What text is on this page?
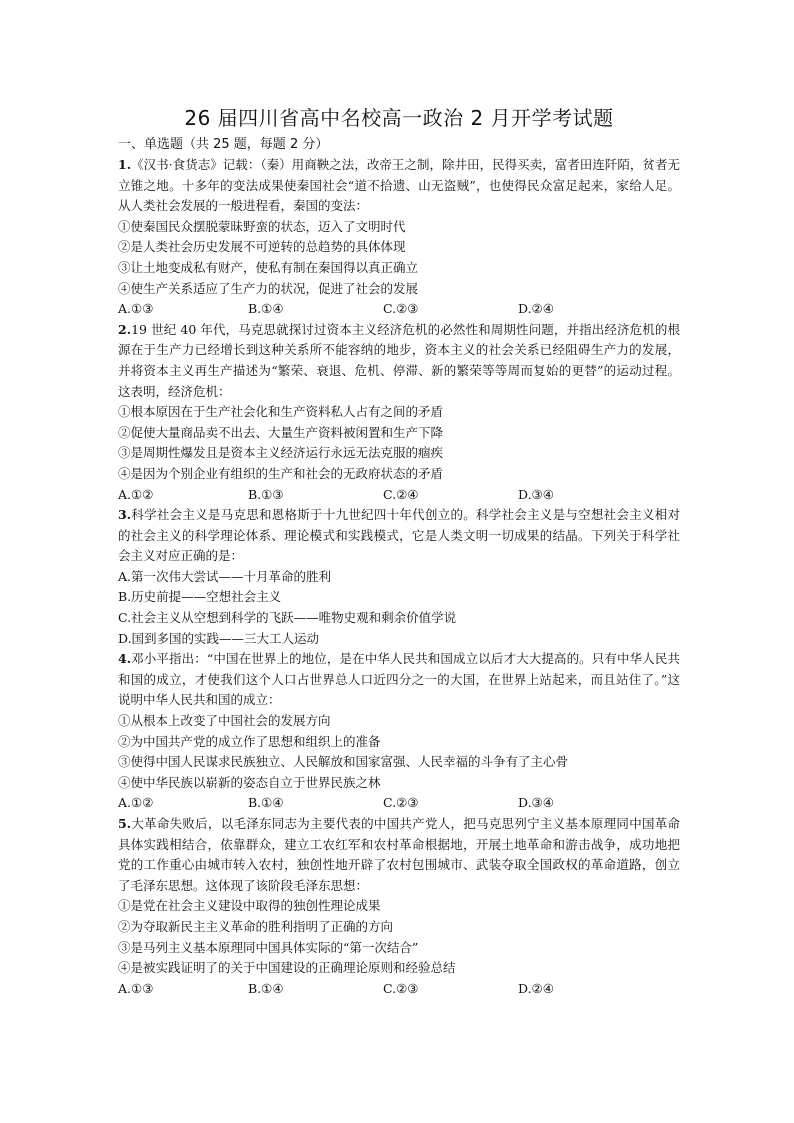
26 届四川省高中名校高一政治 2 月开学考试题
一、单选题（共 25 题，每题 2 分）
1.《汉书·食货志》记载：（秦）用商鞅之法，改帝王之制，除井田，民得买卖，富者田连阡陌，贫者无立锥之地。十多年的变法成果使秦国社会“道不拾遗、山无盗贼”，也使得民众富足起来，家给人足。从人类社会发展的一般进程看，秦国的变法：
①使秦国民众摆脱蒙昧野蛮的状态，迈入了文明时代
②是人类社会历史发展不可逆转的总趋势的具体体现
③让土地变成私有财产，使私有制在秦国得以真正确立
④使生产关系适应了生产力的状况，促进了社会的发展
A.①③	B.①④	C.②③	D.②④
2.19 世纪 40 年代，马克思就探讨过资本主义经济危机的必然性和周期性问题，并指出经济危机的根源在于生产力已经增长到这种关系所不能容纳的地步，资本主义的社会关系已经阻碍生产力的发展，并将资本主义再生产描述为“繁荣、衰退、危机、停滞、新的繁荣等等周而复始的更替”的运动过程。这表明，经济危机：
①根本原因在于生产社会化和生产资料私人占有之间的矛盾
②促使大量商品卖不出去、大量生产资料被闲置和生产下降
③是周期性爆发且是资本主义经济运行永远无法克服的痼疾
④是因为个别企业有组织的生产和社会的无政府状态的矛盾
A.①②	B.①③	C.②④	D.③④
3.科学社会主义是马克思和恩格斯于十九世纪四十年代创立的。科学社会主义是与空想社会主义相对的社会主义的科学理论体系、理论模式和实践模式，它是人类文明一切成果的结晶。下列关于科学社会主义对应正确的是：
A.第一次伟大尝试——十月革命的胜利
B.历史前提——空想社会主义
C.社会主义从空想到科学的飞跃——唯物史观和剩余价值学说
D.国到多国的实践——三大工人运动
4.邓小平指出：“中国在世界上的地位，是在中华人民共和国成立以后才大大提高的。只有中华人民共和国的成立，才使我们这个人口占世界总人口近四分之一的大国，在世界上站起来，而且站住了。”这说明中华人民共和国的成立：
①从根本上改变了中国社会的发展方向
②为中国共产党的成立作了思想和组织上的准备
③使得中国人民谋求民族独立、人民解放和国家富强、人民幸福的斗争有了主心骨
④使中华民族以崭新的姿态自立于世界民族之林
A.①②	B.①④	C.②③	D.③④
5.大革命失败后，以毛泽东同志为主要代表的中国共产党人，把马克思列宁主义基本原理同中国革命具体实践相结合，依靠群众，建立工农红军和农村革命根据地，开展土地革命和游击战争，成功地把党的工作重心由城市转入农村，独创性地开辟了农村包围城市、武装夺取全国政权的革命道路，创立了毛泽东思想。这体现了该阶段毛泽东思想：
①是党在社会主义建设中取得的独创性理论成果
②为夺取新民主主义革命的胜利指明了正确的方向
③是马列主义基本原理同中国具体实际的“第一次结合”
④是被实践证明了的关于中国建设的正确理论原则和经验总结
A.①③	B.①④	C.②③	D.②④
